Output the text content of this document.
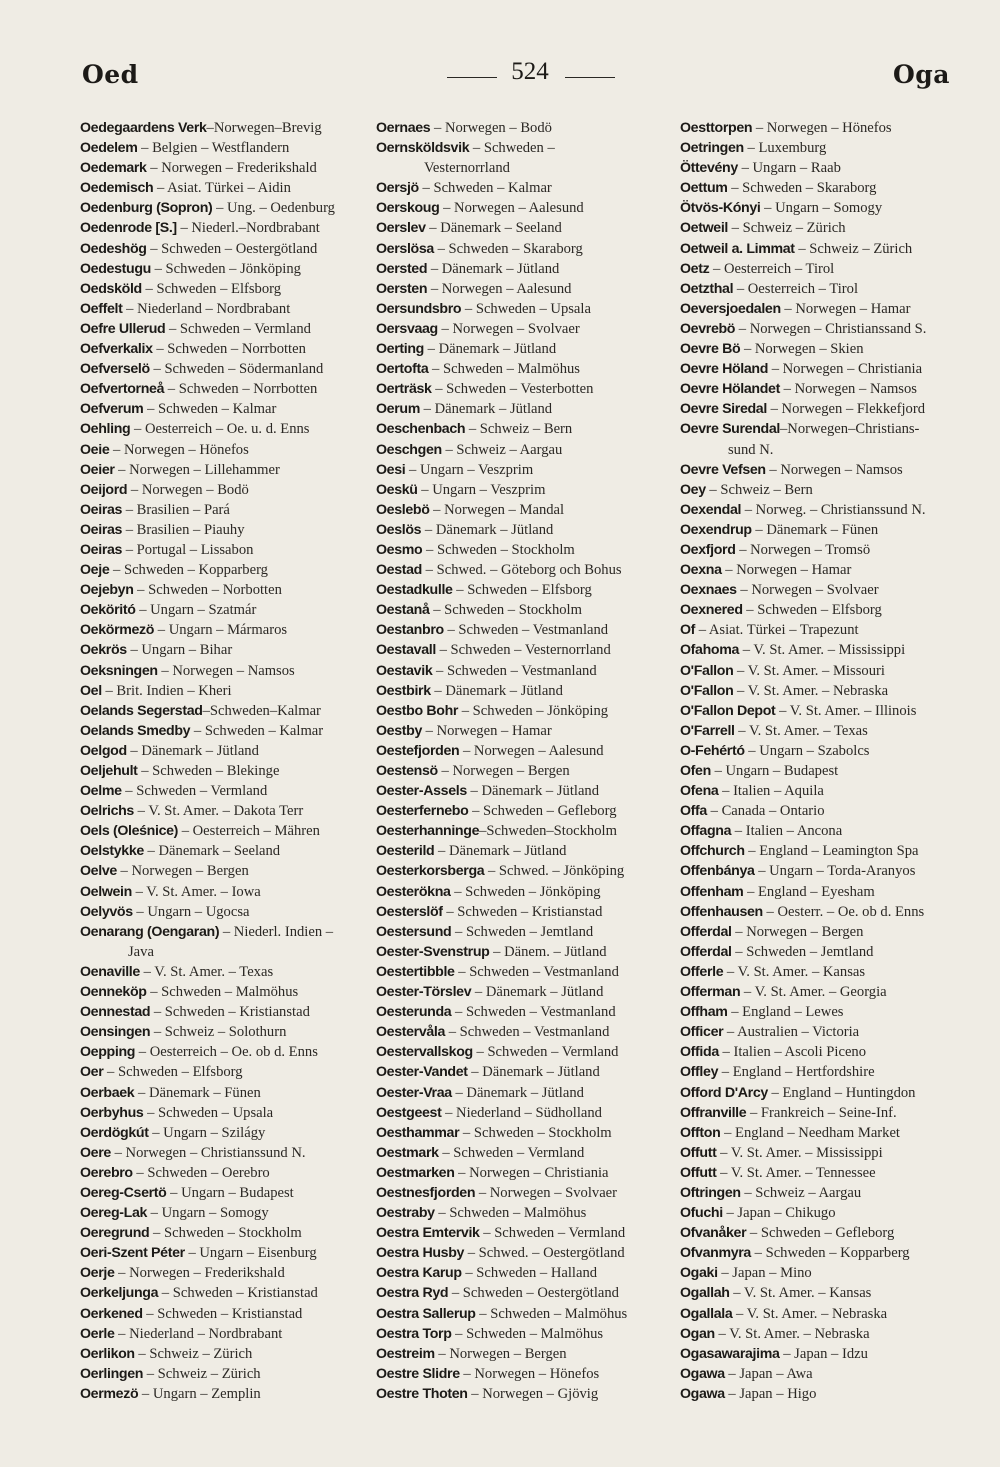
Oed	524	Oga
Oedegaardens Verk–Norwegen–Brevig
Oedelem – Belgien – Westflandern
Oedemark – Norwegen – Frederikshald
Oedemisch – Asiat. Türkei – Aidin
Oedenburg (Sopron) – Ung. – Oedenburg
Oedenrode [S.] – Niederl.–Nordbrabant
Oedeshög – Schweden – Oestergötland
Oedestugu – Schweden – Jönköping
Oedsköld – Schweden – Elfsborg
Oeffelt – Niederland – Nordbrabant
Oefre Ullerud – Schweden – Vermland
Oefverkalix – Schweden – Norrbotten
Oefverselö – Schweden – Södermanland
Oefvertorneå – Schweden – Norrbotten
Oefverum – Schweden – Kalmar
Oehling – Oesterreich – Oe. u. d. Enns
Oeie – Norwegen – Hönefos
Oeier – Norwegen – Lillehammer
Oeijord – Norwegen – Bodö
Oeiras – Brasilien – Pará
Oeiras – Brasilien – Piauhy
Oeiras – Portugal – Lissabon
Oeje – Schweden – Kopparberg
Oejebyn – Schweden – Norbotten
Oeköritó – Ungarn – Szatmár
Oekörmezö – Ungarn – Mármaros
Oekrös – Ungarn – Bihar
Oeksningen – Norwegen – Namsos
Oel – Brit. Indien – Kheri
Oelands Segerstad–Schweden–Kalmar
Oelands Smedby – Schweden – Kalmar
Oelgod – Dänemark – Jütland
Oeljehult – Schweden – Blekinge
Oelme – Schweden – Vermland
Oelrichs – V. St. Amer. – Dakota Terr
Oels (Oleśnice) – Oesterreich – Mähren
Oelstykke – Dänemark – Seeland
Oelve – Norwegen – Bergen
Oelwein – V. St. Amer. – Iowa
Oelyvös – Ungarn – Ugocsa
Oenarang (Oengaran) – Niederl. Indien –
Java
Oenaville – V. St. Amer. – Texas
Oenneköp – Schweden – Malmöhus
Oennestad – Schweden – Kristianstad
Oensingen – Schweiz – Solothurn
Oepping – Oesterreich – Oe. ob d. Enns
Oer – Schweden – Elfsborg
Oerbaek – Dänemark – Fünen
Oerbyhus – Schweden – Upsala
Oerdögkút – Ungarn – Szilágy
Oere – Norwegen – Christianssund N.
Oerebro – Schweden – Oerebro
Oereg-Csertö – Ungarn – Budapest
Oereg-Lak – Ungarn – Somogy
Oeregrund – Schweden – Stockholm
Oeri-Szent Péter – Ungarn – Eisenburg
Oerje – Norwegen – Frederikshald
Oerkeljunga – Schweden – Kristianstad
Oerkened – Schweden – Kristianstad
Oerle – Niederland – Nordbrabant
Oerlikon – Schweiz – Zürich
Oerlingen – Schweiz – Zürich
Oermezö – Ungarn – Zemplin
Oernaes – Norwegen – Bodö
Oernsköldsvik – Schweden –
Vesternorrland
Oersjö – Schweden – Kalmar
Oerskoug – Norwegen – Aalesund
Oerslev – Dänemark – Seeland
Oerslösa – Schweden – Skaraborg
Oersted – Dänemark – Jütland
Oersten – Norwegen – Aalesund
Oersundsbro – Schweden – Upsala
Oersvaag – Norwegen – Svolvaer
Oerting – Dänemark – Jütland
Oertofta – Schweden – Malmöhus
Oerträsk – Schweden – Vesterbotten
Oerum – Dänemark – Jütland
Oeschenbach – Schweiz – Bern
Oeschgen – Schweiz – Aargau
Oesi – Ungarn – Veszprim
Oeskü – Ungarn – Veszprim
Oeslebö – Norwegen – Mandal
Oeslös – Dänemark – Jütland
Oesmo – Schweden – Stockholm
Oestad – Schwed. – Göteborg och Bohus
Oestadkulle – Schweden – Elfsborg
Oestanå – Schweden – Stockholm
Oestanbro – Schweden – Vestmanland
Oestavall – Schweden – Vesternorrland
Oestavik – Schweden – Vestmanland
Oestbirk – Dänemark – Jütland
Oestbo Bohr – Schweden – Jönköping
Oestby – Norwegen – Hamar
Oestefjorden – Norwegen – Aalesund
Oestensö – Norwegen – Bergen
Oester-Assels – Dänemark – Jütland
Oesterfernebo – Schweden – Gefleborg
Oesterhanninge–Schweden–Stockholm
Oesterild – Dänemark – Jütland
Oesterkorsberga – Schwed. – Jönköping
Oesterökna – Schweden – Jönköping
Oesterslöf – Schweden – Kristianstad
Oestersund – Schweden – Jemtland
Oester-Svenstrup – Dänem. – Jütland
Oestertibble – Schweden – Vestmanland
Oester-Törslev – Dänemark – Jütland
Oesterunda – Schweden – Vestmanland
Oestervåla – Schweden – Vestmanland
Oestervallskog – Schweden – Vermland
Oester-Vandet – Dänemark – Jütland
Oester-Vraa – Dänemark – Jütland
Oestgeest – Niederland – Südholland
Oesthammar – Schweden – Stockholm
Oestmark – Schweden – Vermland
Oestmarken – Norwegen – Christiania
Oestnesfjorden – Norwegen – Svolvaer
Oestraby – Schweden – Malmöhus
Oestra Emtervik – Schweden – Vermland
Oestra Husby – Schwed. – Oestergötland
Oestra Karup – Schweden – Halland
Oestra Ryd – Schweden – Oestergötland
Oestra Sallerup – Schweden – Malmöhus
Oestra Torp – Schweden – Malmöhus
Oestreim – Norwegen – Bergen
Oestre Slidre – Norwegen – Hönefos
Oestre Thoten – Norwegen – Gjövig
Oesttorpen – Norwegen – Hönefos
Oetringen – Luxemburg
Öttevény – Ungarn – Raab
Oettum – Schweden – Skaraborg
Ötvös-Kónyi – Ungarn – Somogy
Oetweil – Schweiz – Zürich
Oetweil a. Limmat – Schweiz – Zürich
Oetz – Oesterreich – Tirol
Oetzthal – Oesterreich – Tirol
Oeversjoedalen – Norwegen – Hamar
Oevrebö – Norwegen – Christianssand S.
Oevre Bö – Norwegen – Skien
Oevre Höland – Norwegen – Christiania
Oevre Hölandet – Norwegen – Namsos
Oevre Siredal – Norwegen – Flekkefjord
Oevre Surendal–Norwegen–Christians-
sund N.
Oevre Vefsen – Norwegen – Namsos
Oey – Schweiz – Bern
Oexendal – Norweg. – Christianssund N.
Oexendrup – Dänemark – Fünen
Oexfjord – Norwegen – Tromsö
Oexna – Norwegen – Hamar
Oexnaes – Norwegen – Svolvaer
Oexnered – Schweden – Elfsborg
Of – Asiat. Türkei – Trapezunt
Ofahoma – V. St. Amer. – Mississippi
O'Fallon – V. St. Amer. – Missouri
O'Fallon – V. St. Amer. – Nebraska
O'Fallon Depot – V. St. Amer. – Illinois
O'Farrell – V. St. Amer. – Texas
O-Fehértó – Ungarn – Szabolcs
Ofen – Ungarn – Budapest
Ofena – Italien – Aquila
Offa – Canada – Ontario
Offagna – Italien – Ancona
Offchurch – England – Leamington Spa
Offenbánya – Ungarn – Torda-Aranyos
Offenham – England – Eyesham
Offenhausen – Oesterr. – Oe. ob d. Enns
Offerdal – Norwegen – Bergen
Offerdal – Schweden – Jemtland
Offerle – V. St. Amer. – Kansas
Offerman – V. St. Amer. – Georgia
Offham – England – Lewes
Officer – Australien – Victoria
Offida – Italien – Ascoli Piceno
Offley – England – Hertfordshire
Offord D'Arcy – England – Huntingdon
Offranville – Frankreich – Seine-Inf.
Offton – England – Needham Market
Offutt – V. St. Amer. – Mississippi
Offutt – V. St. Amer. – Tennessee
Oftringen – Schweiz – Aargau
Ofuchi – Japan – Chikugo
Ofvanåker – Schweden – Gefleborg
Ofvanmyra – Schweden – Kopparberg
Ogaki – Japan – Mino
Ogallah – V. St. Amer. – Kansas
Ogallala – V. St. Amer. – Nebraska
Ogan – V. St. Amer. – Nebraska
Ogasawarajima – Japan – Idzu
Ogawa – Japan – Awa
Ogawa – Japan – Higo
